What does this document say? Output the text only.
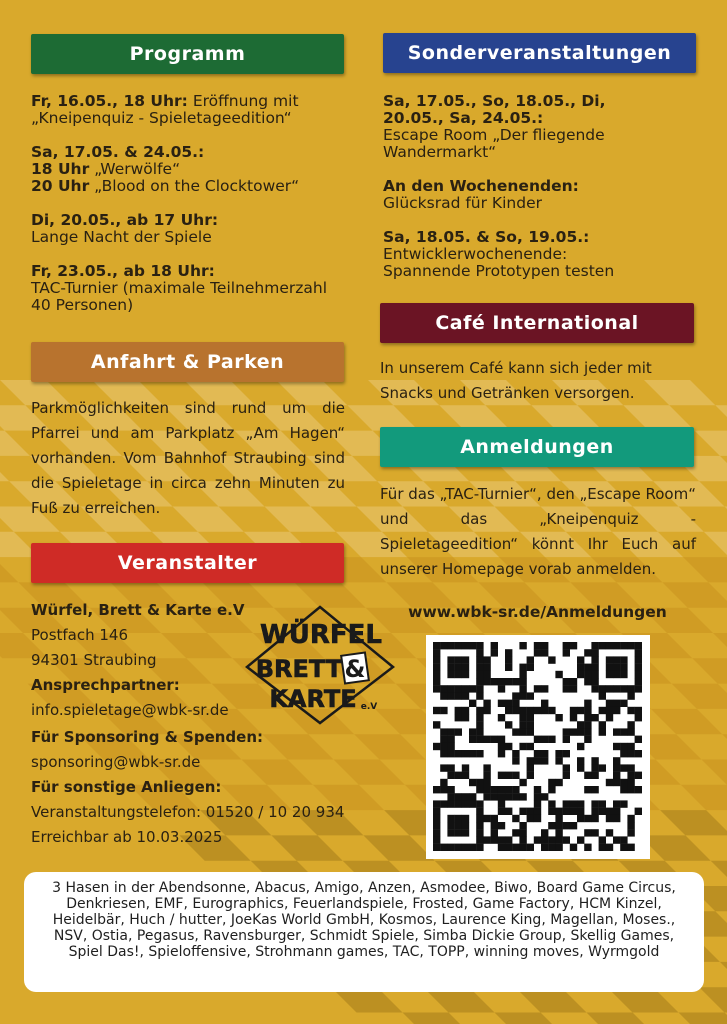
Programm

Fr, 16.05., 18 Uhr: Eröffnung mit „Kneipenquiz - Spieletageedition“

Sa, 17.05. & 24.05.:
18 Uhr „Werwölfe“
20 Uhr „Blood on the Clocktower“

Di, 20.05., ab 17 Uhr:
Lange Nacht der Spiele

Fr, 23.05., ab 18 Uhr:
TAC-Turnier (maximale Teilnehmerzahl 40 Personen)

Sonderveranstaltungen

Sa, 17.05., So, 18.05., Di, 20.05., Sa, 24.05.:
Escape Room „Der fliegende Wandermarkt“

An den Wochenenden:
Glücksrad für Kinder

Sa, 18.05. & So, 19.05.:
Entwicklerwochenende: Spannende Prototypen testen

Anfahrt & Parken
Parkmöglichkeiten sind rund um die Pfarrei und am Parkplatz „Am Hagen“ vorhanden. Vom Bahnhof Straubing sind die Spieletage in circa zehn Minuten zu Fuß zu erreichen.
Café International
In unserem Café kann sich jeder mit Snacks und Getränken versorgen.
Anmeldungen
Für das „TAC-Turnier“, den „Escape Room“ und das „Kneipenquiz - Spieletageedition“ könnt Ihr Euch auf unserer Homepage vorab anmelden.
www.wbk-sr.de/Anmeldungen
Veranstalter
Würfel, Brett & Karte e.V
Postfach 146
94301 Straubing
Ansprechpartner:
info.spieletage@wbk-sr.de
Für Sponsoring & Spenden:
sponsoring@wbk-sr.de
Für sonstige Anliegen:
Veranstaltungstelefon: 01520 / 10 20 934
Erreichbar ab 10.03.2025
WÜRFEL
BRETT &
KARTE e.V
3 Hasen in der Abendsonne, Abacus, Amigo, Anzen, Asmodee, Biwo, Board Game Circus, Denkriesen, EMF, Eurographics, Feuerlandspiele, Frosted, Game Factory, HCM Kinzel, Heidelbär, Huch / hutter, JoeKas World GmbH, Kosmos, Laurence King, Magellan, Moses., NSV, Ostia, Pegasus, Ravensburger, Schmidt Spiele, Simba Dickie Group, Skellig Games, Spiel Das!, Spieloffensive, Strohmann games, TAC, TOPP, winning moves, Wyrmgold
